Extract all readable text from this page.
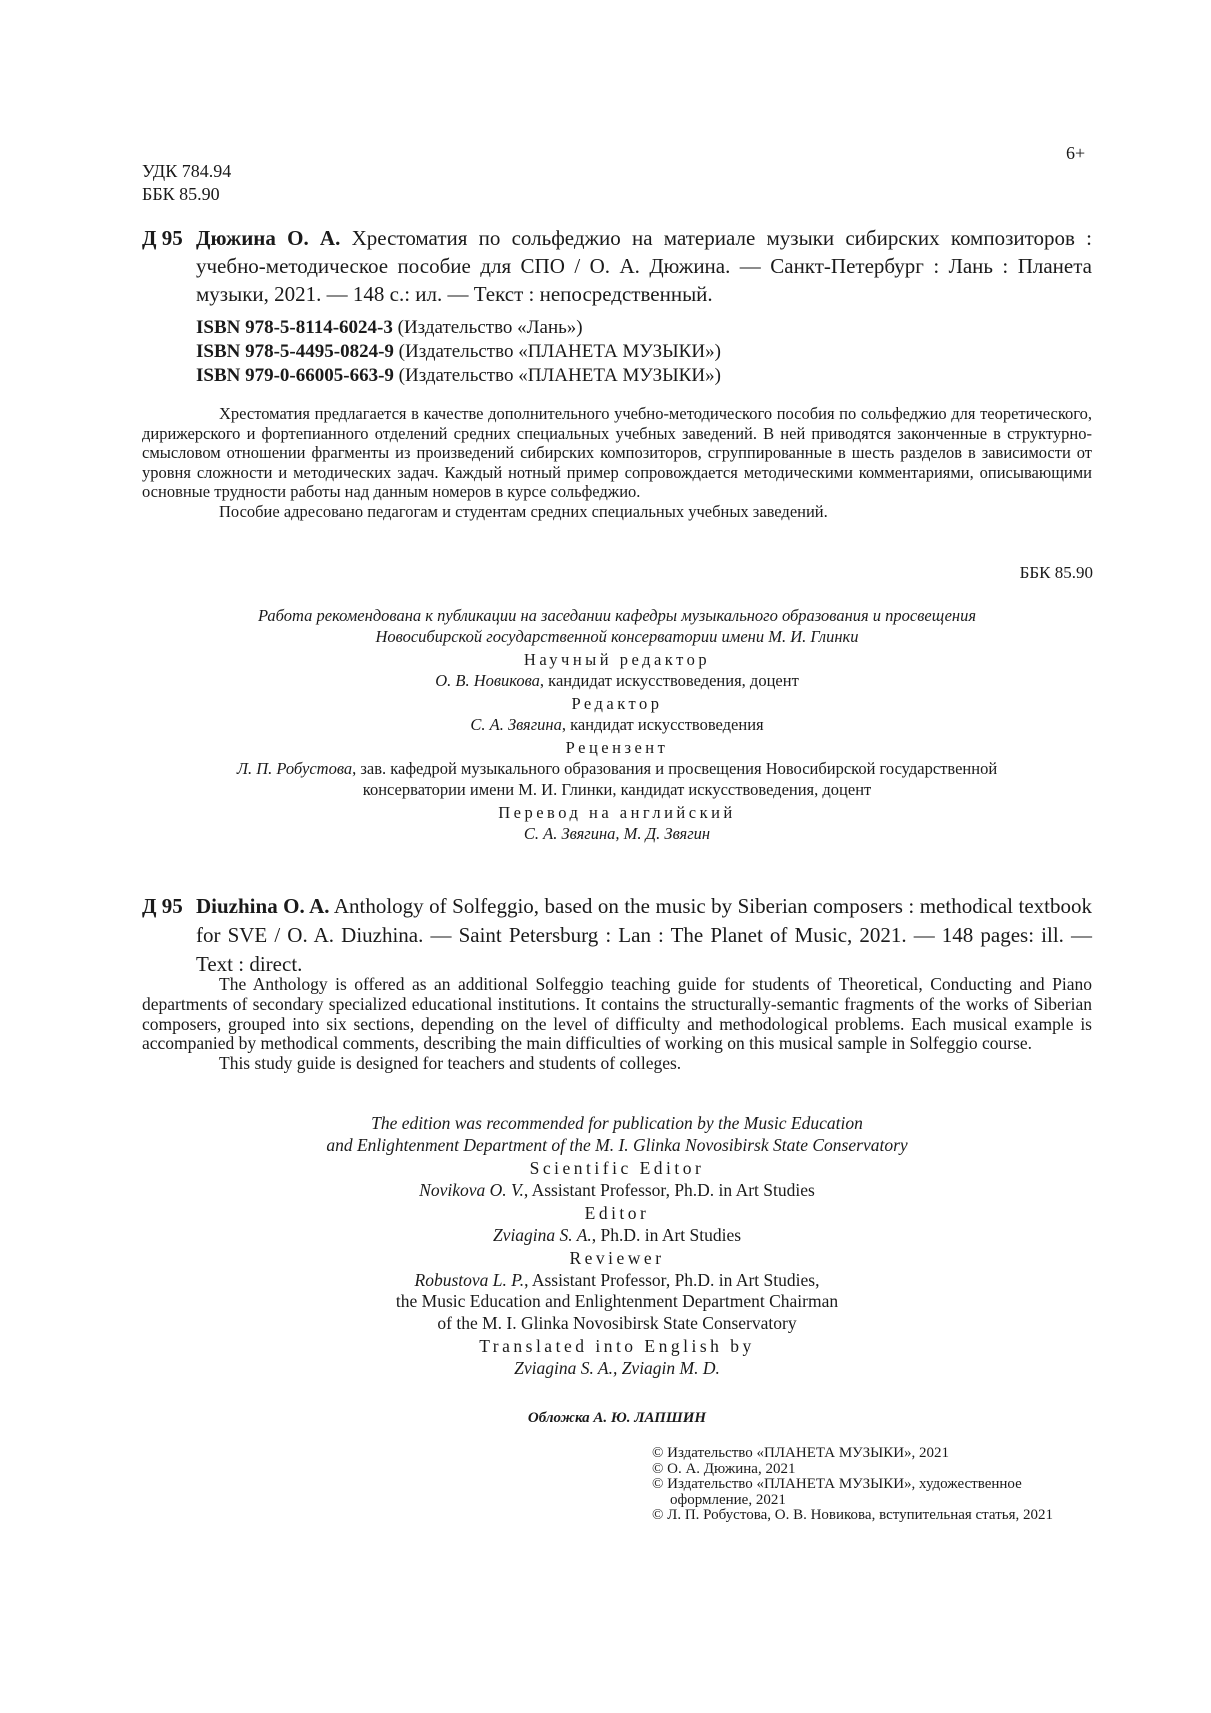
6+
УДК 784.94
ББК 85.90
Д 95 Дюжина О. А. Хрестоматия по сольфеджио на материале музыки сибирских композиторов : учебно-методическое пособие для СПО / О. А. Дюжина. — Санкт-Петербург : Лань : Планета музыки, 2021. — 148 с.: ил. — Текст : непосредственный.
ISBN 978-5-8114-6024-3 (Издательство «Лань»)
ISBN 978-5-4495-0824-9 (Издательство «ПЛАНЕТА МУЗЫКИ»)
ISBN 979-0-66005-663-9 (Издательство «ПЛАНЕТА МУЗЫКИ»)

Хрестоматия предлагается в качестве дополнительного учебно-методического пособия по сольфеджио для теоретического, дирижерского и фортепианного отделений средних специальных учебных заведений. В ней приводятся законченные в структурно-смысловом отношении фрагменты из произведений сибирских композиторов, сгруппированные в шесть разделов в зависимости от уровня сложности и методических задач. Каждый нотный пример сопровождается методическими комментариями, описывающими основные трудности работы над данным номеров в курсе сольфеджио.

Пособие адресовано педагогам и студентам средних специальных учебных заведений.

ББК 85.90
Работа рекомендована к публикации на заседании кафедры музыкального образования и просвещения
Новосибирской государственной консерватории имени М. И. Глинки
Научный редактор
О. В. Новикова, кандидат искусствоведения, доцент
Редактор
С. А. Звягина, кандидат искусствоведения
Рецензент
Л. П. Робустова, зав. кафедрой музыкального образования и просвещения Новосибирской государственной
консерватории имени М. И. Глинки, кандидат искусствоведения, доцент
Перевод на английский
С. А. Звягина, М. Д. Звягин
Д 95 Diuzhina O. A. Anthology of Solfeggio, based on the music by Siberian composers : methodical textbook for SVE / O. A. Diuzhina. — Saint Petersburg : Lan : The Planet of Music, 2021. — 148 pages: ill. — Text : direct.

The Anthology is offered as an additional Solfeggio teaching guide for students of Theoretical, Conducting and Piano departments of secondary specialized educational institutions. It contains the structurally-semantic fragments of the works of Siberian composers, grouped into six sections, depending on the level of difficulty and methodological problems. Each musical example is accompanied by methodical comments, describing the main difficulties of working on this musical sample in Solfeggio course.

This study guide is designed for teachers and students of colleges.

The edition was recommended for publication by the Music Education
and Enlightenment Department of the M. I. Glinka Novosibirsk State Conservatory
Scientific Editor
Novikova O. V., Assistant Professor, Ph.D. in Art Studies
Editor
Zviagina S. A., Ph.D. in Art Studies
Reviewer
Robustova L. P., Assistant Professor, Ph.D. in Art Studies,
the Music Education and Enlightenment Department Chairman
of the M. I. Glinka Novosibirsk State Conservatory
Translated into English by
Zviagina S. A., Zviagin M. D.
Обложка А. Ю. ЛАПШИН
© Издательство «ПЛАНЕТА МУЗЫКИ», 2021
© О. А. Дюжина, 2021
© Издательство «ПЛАНЕТА МУЗЫКИ», художественное оформление, 2021
© Л. П. Робустова, О. В. Новикова, вступительная статья, 2021
